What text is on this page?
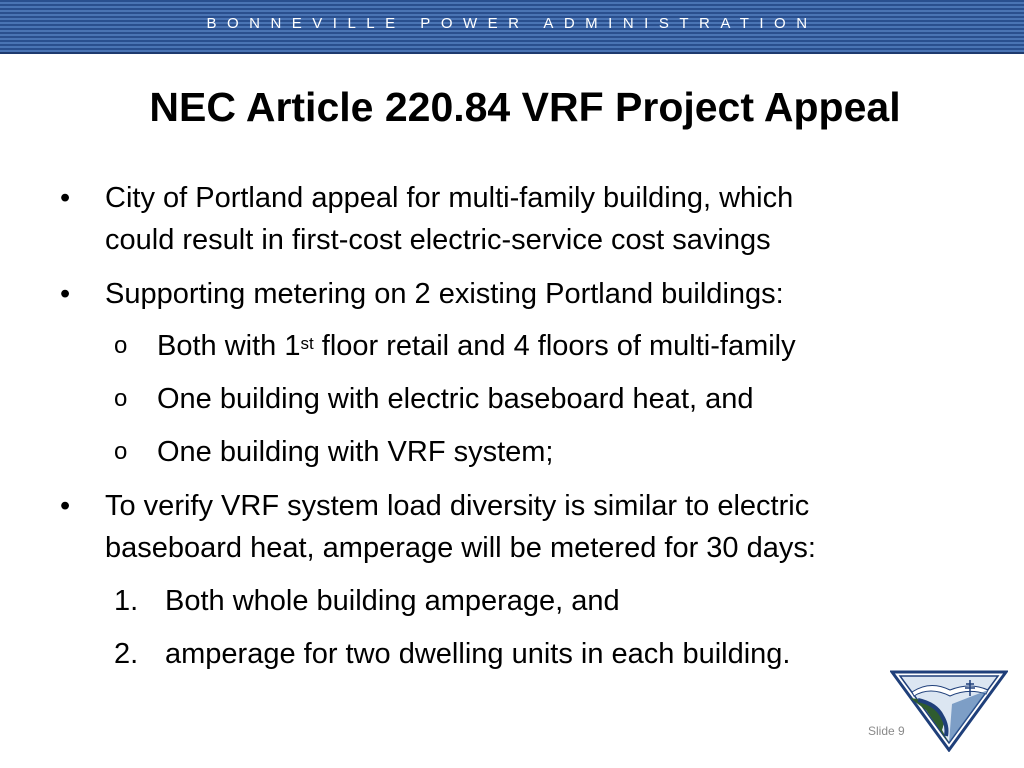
BONNEVILLE POWER ADMINISTRATION
NEC Article 220.84 VRF Project Appeal
• City of Portland appeal for multi-family building, which
could result in first-cost electric-service cost savings
• Supporting metering on 2 existing Portland buildings:
o Both with 1st floor retail and 4 floors of multi-family
o One building with electric baseboard heat, and
o One building with VRF system;
• To verify VRF system load diversity is similar to electric
baseboard heat, amperage will be metered for 30 days:
1. Both whole building amperage, and
2. amperage for two dwelling units in each building.
Slide 9
